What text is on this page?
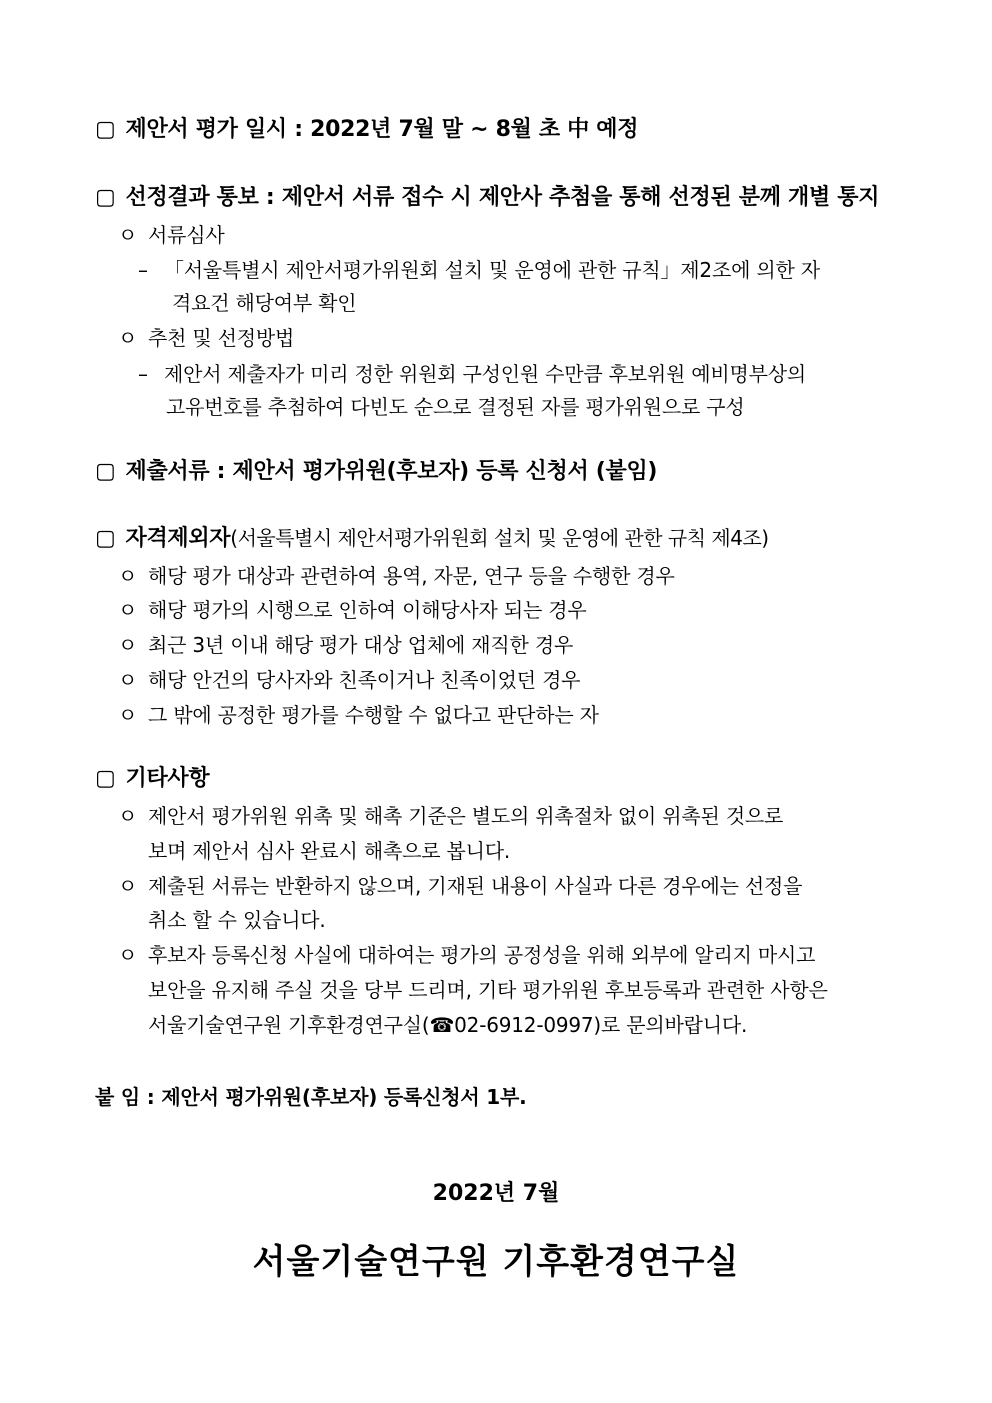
▢ 제안서 평가 일시 : 2022년 7월 말 ~ 8월 초 中 예정
▢ 선정결과 통보 : 제안서 서류 접수 시 제안사 추첨을 통해 선정된 분께 개별 통지
ㅇ 서류심사
– 「서울특별시 제안서평가위원회 설치 및 운영에 관한 규칙」제2조에 의한 자
격요건 해당여부 확인
ㅇ 추천 및 선정방법
– 제안서 제출자가 미리 정한 위원회 구성인원 수만큼 후보위원 예비명부상의
고유번호를 추첨하여 다빈도 순으로 결정된 자를 평가위원으로 구성
▢ 제출서류 : 제안서 평가위원(후보자) 등록 신청서 (붙임)
▢ 자격제외자(서울특별시 제안서평가위원회 설치 및 운영에 관한 규칙 제4조)
ㅇ 해당 평가 대상과 관련하여 용역, 자문, 연구 등을 수행한 경우
ㅇ 해당 평가의 시행으로 인하여 이해당사자 되는 경우
ㅇ 최근 3년 이내 해당 평가 대상 업체에 재직한 경우
ㅇ 해당 안건의 당사자와 친족이거나 친족이었던 경우
ㅇ 그 밖에 공정한 평가를 수행할 수 없다고 판단하는 자
▢ 기타사항
ㅇ 제안서 평가위원 위촉 및 해촉 기준은 별도의 위촉절차 없이 위촉된 것으로
보며 제안서 심사 완료시 해촉으로 봅니다.
ㅇ 제출된 서류는 반환하지 않으며, 기재된 내용이 사실과 다른 경우에는 선정을
취소 할 수 있습니다.
ㅇ 후보자 등록신청 사실에 대하여는 평가의 공정성을 위해 외부에 알리지 마시고
보안을 유지해 주실 것을 당부 드리며, 기타 평가위원 후보등록과 관련한 사항은
서울기술연구원 기후환경연구실(☎02-6912-0997)로 문의바랍니다.
붙 임 : 제안서 평가위원(후보자) 등록신청서 1부.
2022년 7월
서울기술연구원 기후환경연구실
